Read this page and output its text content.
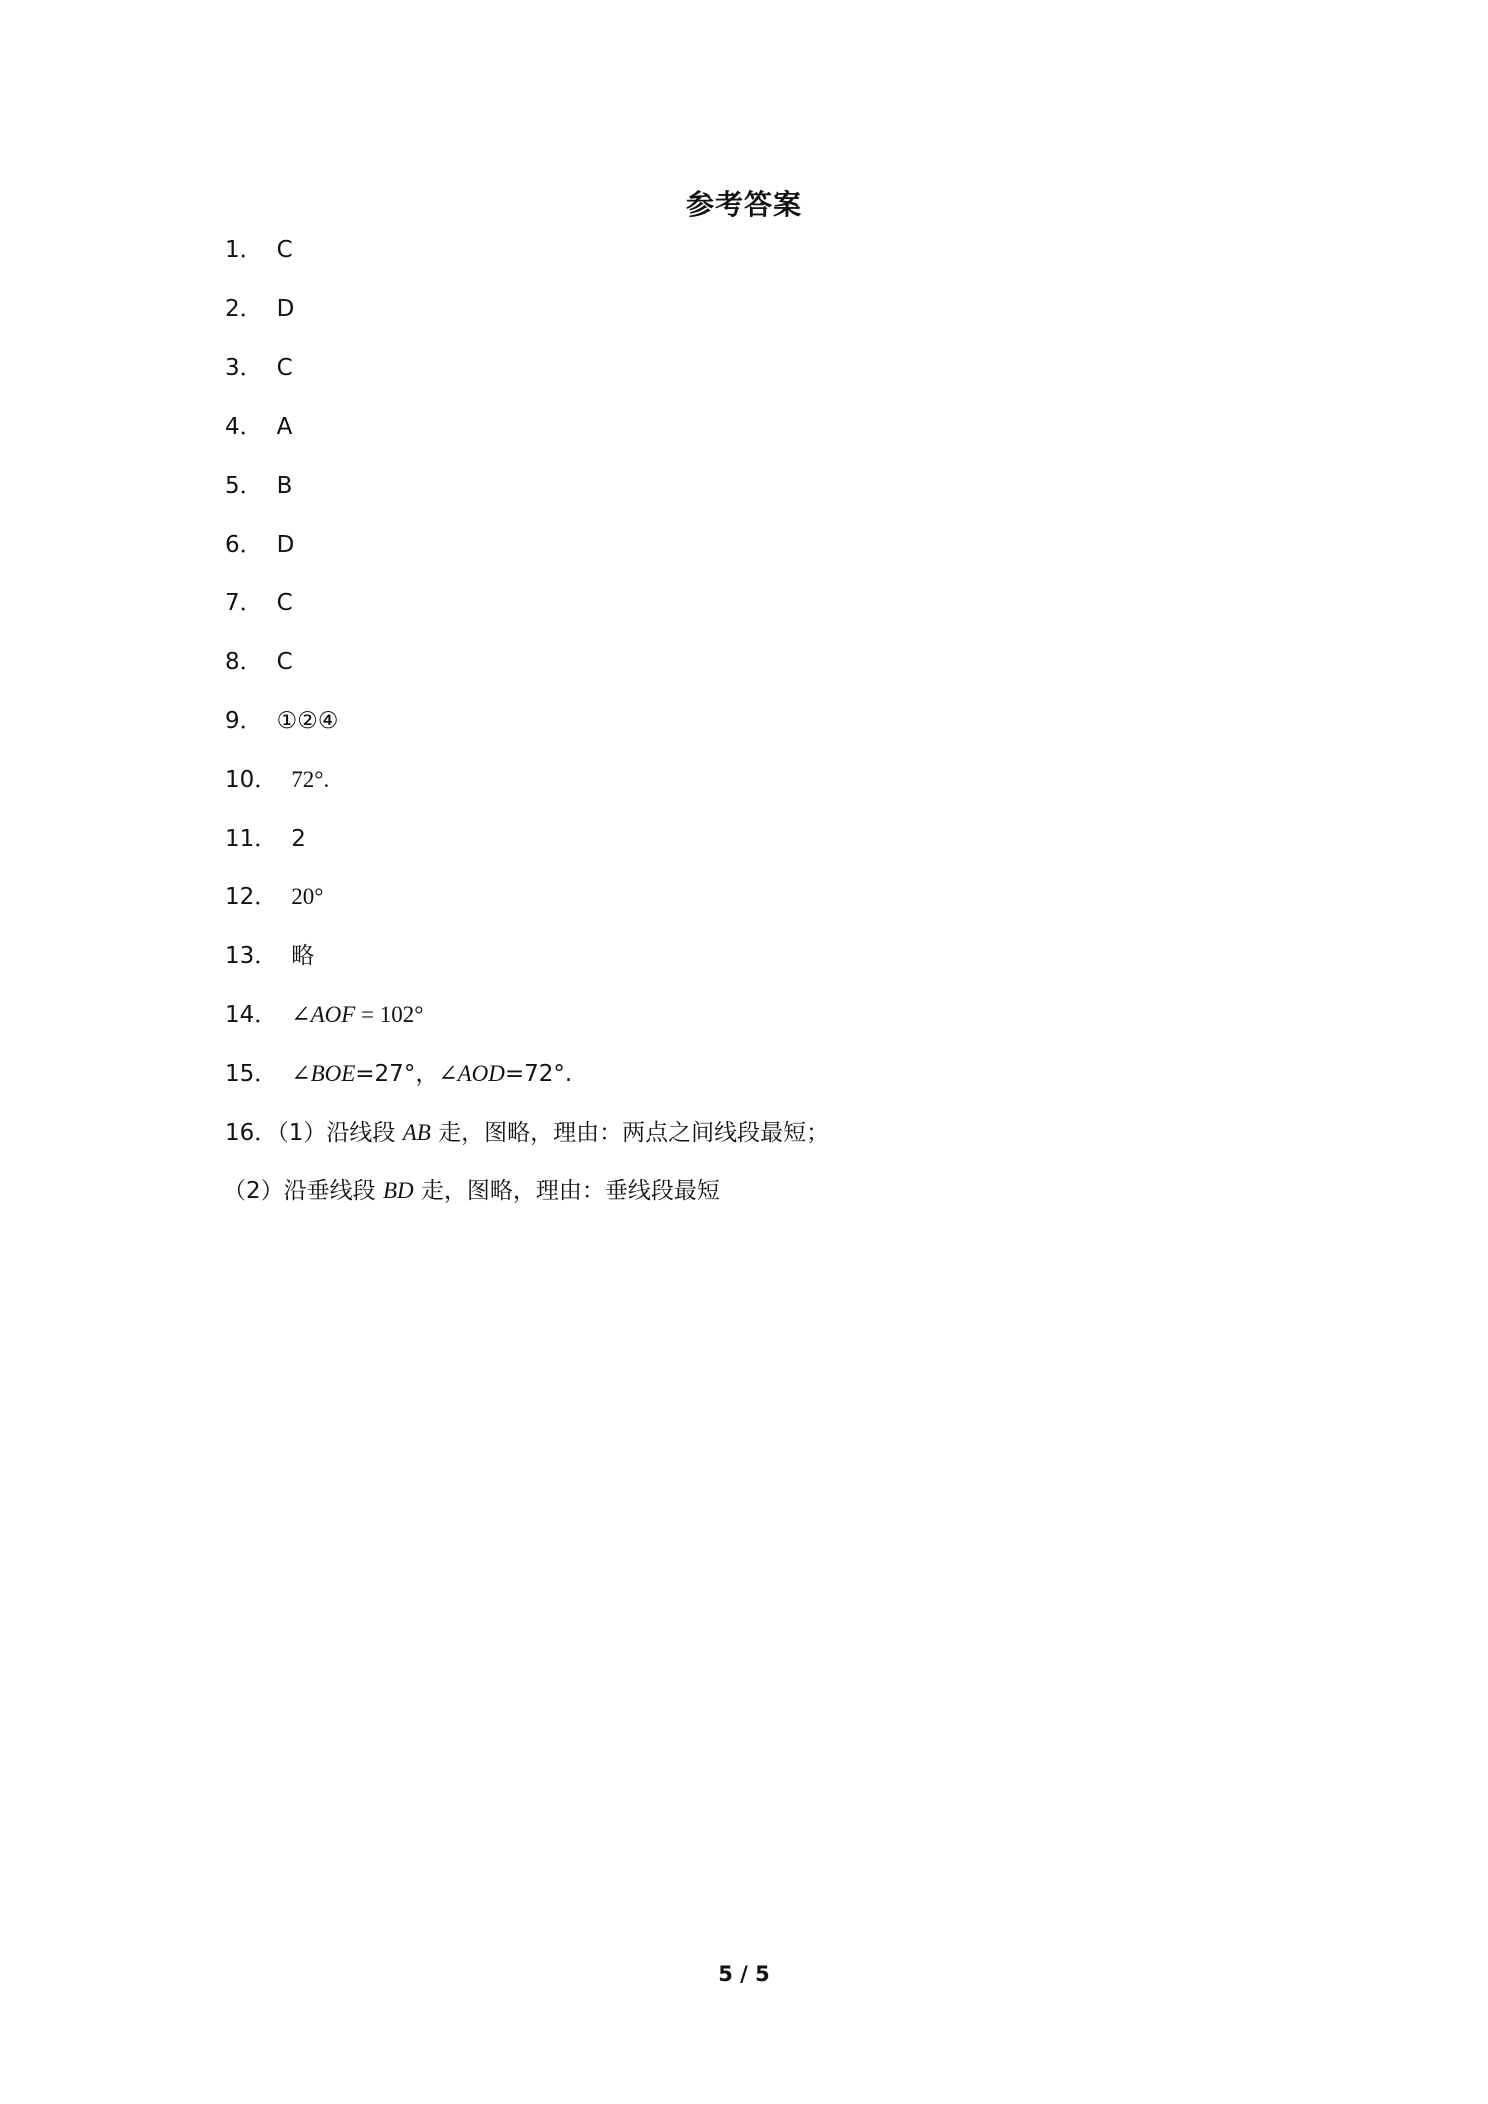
参考答案
1． C
2． D
3． C
4． A
5． B
6． D
7． C
8． C
9． ①②④
10． 72°.
11． 2
12． 20°
13． 略
14． ∠AOF = 102°
15． ∠BOE=27°，∠AOD=72°.
16．（1）沿线段 AB 走，图略，理由：两点之间线段最短；
（2）沿垂线段 BD 走，图略，理由：垂线段最短
5 / 5
